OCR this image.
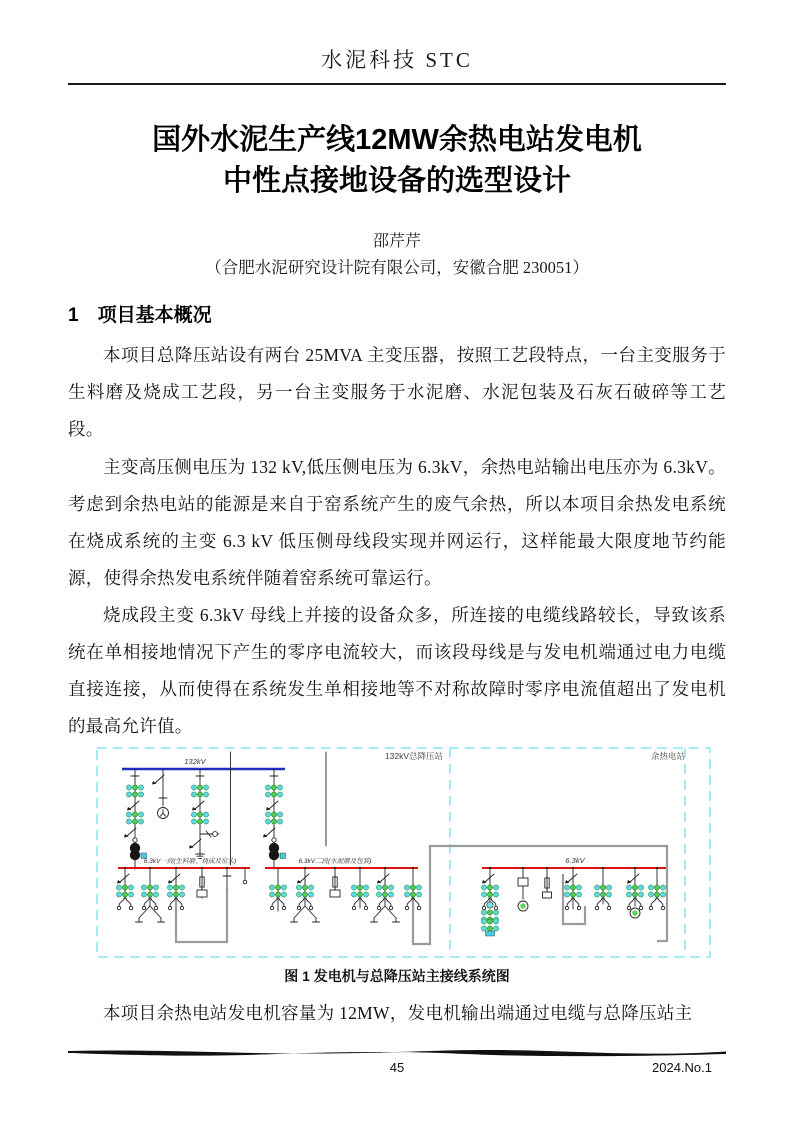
水泥科技 STC
国外水泥生产线12MW余热电站发电机
中性点接地设备的选型设计
邵芹芹
（合肥水泥研究设计院有限公司，安徽合肥 230051）
1　项目基本概况

本项目总降压站设有两台 25MVA 主变压器，按照工艺段特点，一台主变服务于生料磨及烧成工艺段，另一台主变服务于水泥磨、水泥包装及石灰石破碎等工艺段。

主变高压侧电压为 132 kV,低压侧电压为 6.3kV，余热电站输出电压亦为 6.3kV。考虑到余热电站的能源是来自于窑系统产生的废气余热，所以本项目余热发电系统在烧成系统的主变 6.3 kV 低压侧母线段实现并网运行，这样能最大限度地节约能源，使得余热发电系统伴随着窑系统可靠运行。

烧成段主变 6.3kV 母线上并接的设备众多，所连接的电缆线路较长，导致该系统在单相接地情况下产生的零序电流较大，而该段母线是与发电机端通过电力电缆直接连接，从而使得在系统发生单相接地等不对称故障时零序电流值超出了发电机的最高允许值。

132kV总降压站	余热电站
132kV
6.3kV一段(生料磨、烧成及窑头)	6.3kV二段(水泥磨及包装)	6.3kV
图 1 发电机与总降压站主接线系统图

本项目余热电站发电机容量为 12MW，发电机输出端通过电缆与总降压站主

45	2024.No.1
